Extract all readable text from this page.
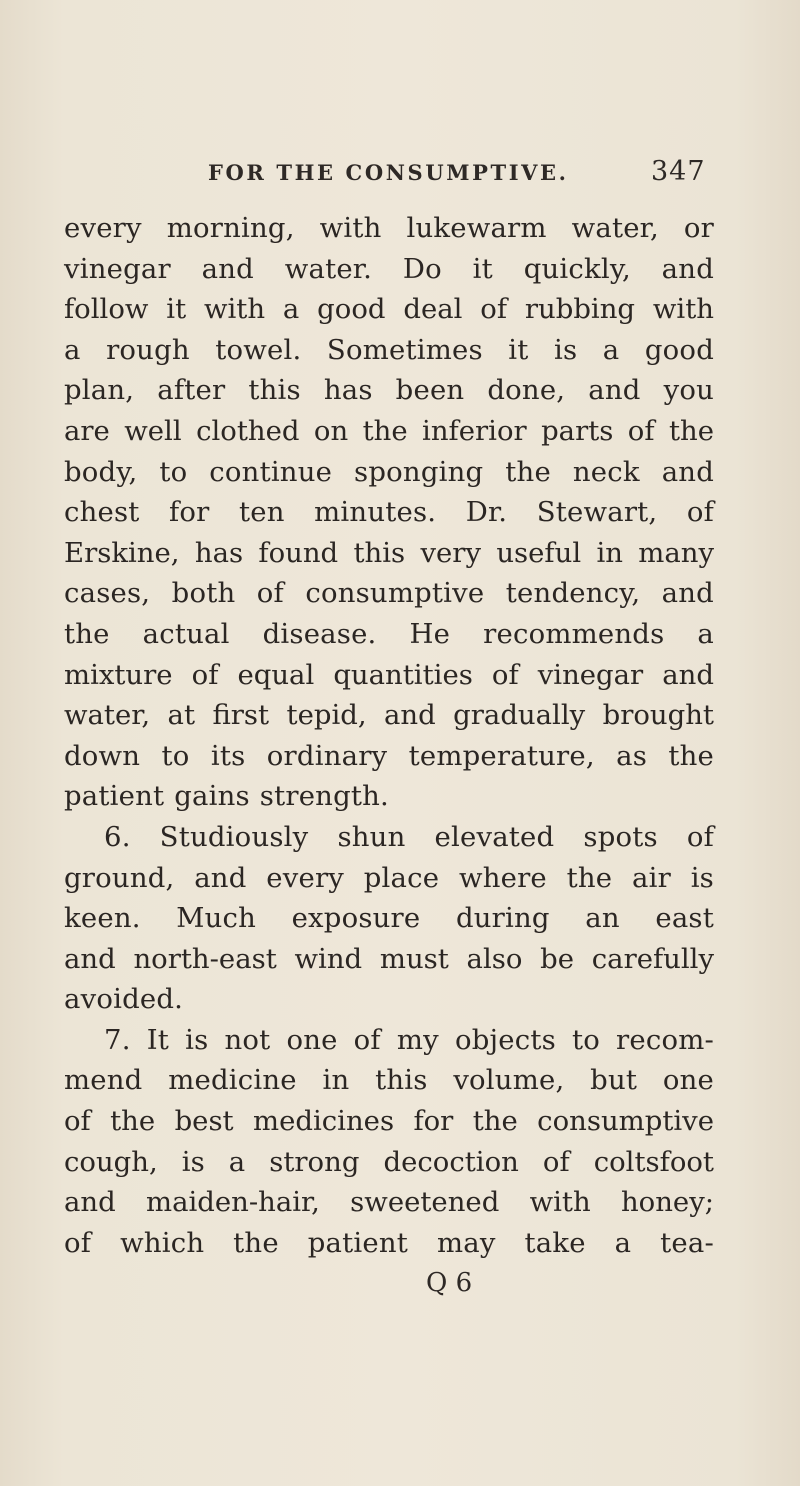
FOR THE CONSUMPTIVE.	347
every morning, with lukewarm water, or
vinegar and water. Do it quickly, and
follow it with a good deal of rubbing with
a rough towel. Sometimes it is a good
plan, after this has been done, and you
are well clothed on the inferior parts of the
body, to continue sponging the neck and
chest for ten minutes. Dr. Stewart, of
Erskine, has found this very useful in many
cases, both of consumptive tendency, and
the actual disease. He recommends a
mixture of equal quantities of vinegar and
water, at first tepid, and gradually brought
down to its ordinary temperature, as the
patient gains strength.
6. Studiously shun elevated spots of
ground, and every place where the air is
keen. Much exposure during an east
and north-east wind must also be carefully
avoided.
7. It is not one of my objects to recom-
mend medicine in this volume, but one
of the best medicines for the consumptive
cough, is a strong decoction of coltsfoot
and maiden-hair, sweetened with honey;
of which the patient may take a tea-
Q 6
